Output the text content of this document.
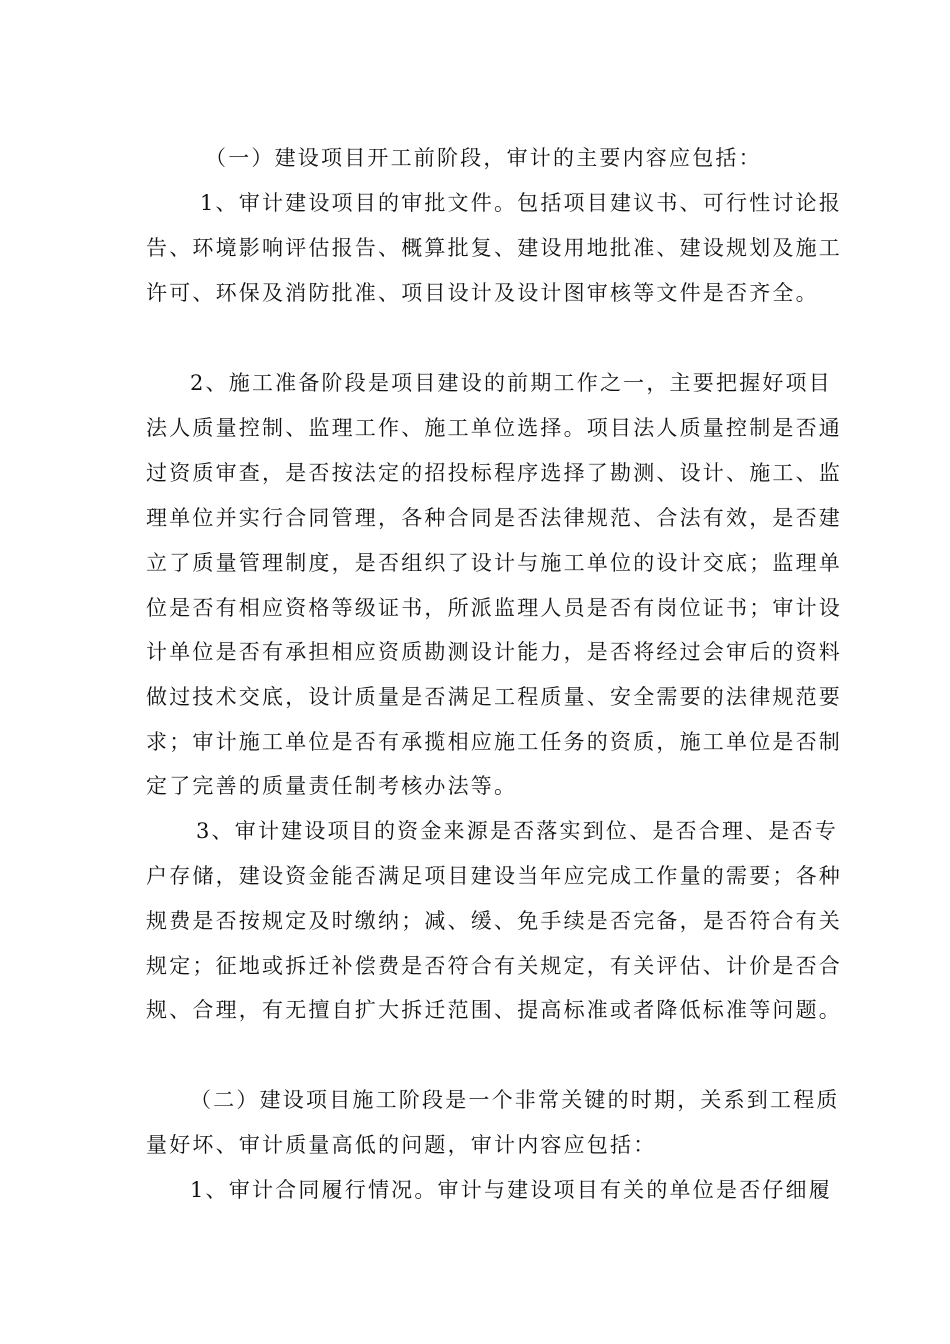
（一）建设项目开工前阶段，审计的主要内容应包括：
1、审计建设项目的审批文件。包括项目建议书、可行性讨论报
告、环境影响评估报告、概算批复、建设用地批准、建设规划及施工
许可、环保及消防批准、项目设计及设计图审核等文件是否齐全。
2、施工准备阶段是项目建设的前期工作之一，主要把握好项目
法人质量控制、监理工作、施工单位选择。项目法人质量控制是否通
过资质审查，是否按法定的招投标程序选择了勘测、设计、施工、监
理单位并实行合同管理，各种合同是否法律规范、合法有效，是否建
立了质量管理制度，是否组织了设计与施工单位的设计交底；监理单
位是否有相应资格等级证书，所派监理人员是否有岗位证书；审计设
计单位是否有承担相应资质勘测设计能力，是否将经过会审后的资料
做过技术交底，设计质量是否满足工程质量、安全需要的法律规范要
求；审计施工单位是否有承揽相应施工任务的资质，施工单位是否制
定了完善的质量责任制考核办法等。
3、审计建设项目的资金来源是否落实到位、是否合理、是否专
户存储，建设资金能否满足项目建设当年应完成工作量的需要；各种
规费是否按规定及时缴纳；减、缓、免手续是否完备，是否符合有关
规定；征地或拆迁补偿费是否符合有关规定，有关评估、计价是否合
规、合理，有无擅自扩大拆迁范围、提高标准或者降低标准等问题。
（二）建设项目施工阶段是一个非常关键的时期，关系到工程质
量好坏、审计质量高低的问题，审计内容应包括：
1、审计合同履行情况。审计与建设项目有关的单位是否仔细履
